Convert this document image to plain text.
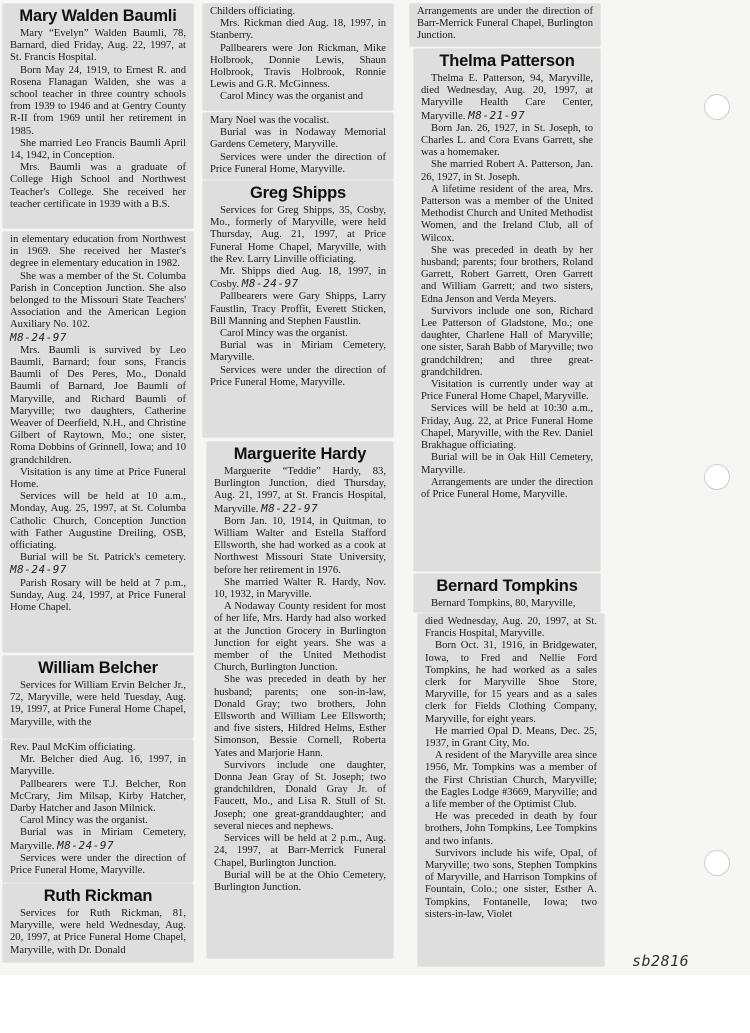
Mary Walden Baumli

Mary “Evelyn” Walden Baumli, 78, Barnard, died Friday, Aug. 22, 1997, at St. Francis Hospital.

Born May 24, 1919, to Ernest R. and Rosena Flanagan Walden, she was a school teacher in three country schools from 1939 to 1946 and at Gentry County R-II from 1969 until her retirement in 1985.

She married Leo Francis Baumli April 14, 1942, in Conception.

Mrs. Baumli was a graduate of College High School and Northwest Teacher's College. She received her teacher certificate in 1939 with a B.S.

in elementary education from Northwest in 1969. She received her Master's degree in elementary education in 1982.

She was a member of the St. Columba Parish in Conception Junction. She also belonged to the Missouri State Teachers' Association and the American Legion Auxiliary No. 102.

M8-24-97

Mrs. Baumli is survived by Leo Baumli, Barnard; four sons, Francis Baumli of Des Peres, Mo., Donald Baumli of Barnard, Joe Baumli of Maryville, and Richard Baumli of Maryville; two daughters, Catherine Weaver of Deerfield, N.H., and Christine Gilbert of Raytown, Mo.; one sister, Roma Dobbins of Grinnell, Iowa; and 10 grandchildren.

Visitation is any time at Price Funeral Home.

Services will be held at 10 a.m., Monday, Aug. 25, 1997, at St. Columba Catholic Church, Conception Junction with Father Augustine Dreiling, OSB, officiating.

Burial will be St. Patrick's cemetery. M8-24-97

Parish Rosary will be held at 7 p.m., Sunday, Aug. 24, 1997, at Price Funeral Home Chapel.

William Belcher

Services for William Ervin Belcher Jr., 72, Maryville, were held Tuesday, Aug. 19, 1997, at Price Funeral Home Chapel, Maryville, with the

Rev. Paul McKim officiating.

Mr. Belcher died Aug. 16, 1997, in Maryville.

Pallbearers were T.J. Belcher, Ron McCrary, Jim Milsap, Kirby Hatcher, Darby Hatcher and Jason Milnick.

Carol Mincy was the organist.

Burial was in Miriam Cemetery, Maryville. M8-24-97

Services were under the direction of Price Funeral Home, Maryville.

Ruth Rickman

Services for Ruth Rickman, 81, Maryville, were held Wednesday, Aug. 20, 1997, at Price Funeral Home Chapel, Maryville, with Dr. Donald

Childers officiating.

Mrs. Rickman died Aug. 18, 1997, in Stanberry.

Pallbearers were Jon Rickman, Mike Holbrook, Donnie Lewis, Shaun Holbrook, Travis Holbrook, Ronnie Lewis and G.R. McGinness.

Carol Mincy was the organist and

Mary Noel was the vocalist.

Burial was in Nodaway Memorial Gardens Cemetery, Maryville.

Services were under the direction of Price Funeral Home, Maryville.

Greg Shipps

Services for Greg Shipps, 35, Cosby, Mo., formerly of Maryville, were held Thursday, Aug. 21, 1997, at Price Funeral Home Chapel, Maryville, with the Rev. Larry Linville officiating.

Mr. Shipps died Aug. 18, 1997, in Cosby. M8-24-97

Pallbearers were Gary Shipps, Larry Faustlin, Tracy Proffit, Everett Sticken, Bill Manning and Stephen Faustlin.

Carol Mincy was the organist.

Burial was in Miriam Cemetery, Maryville.

Services were under the direction of Price Funeral Home, Maryville.

Marguerite Hardy

Marguerite “Teddie” Hardy, 83, Burlington Junction, died Thursday, Aug. 21, 1997, at St. Francis Hospital, Maryville. M8-22-97

Born Jan. 10, 1914, in Quitman, to William Walter and Estella Stafford Ellsworth, she had worked as a cook at Northwest Missouri State University, before her retirement in 1976.

She married Walter R. Hardy, Nov. 10, 1932, in Maryville.

A Nodaway County resident for most of her life, Mrs. Hardy had also worked at the Junction Grocery in Burlington Junction for eight years. She was a member of the United Methodist Church, Burlington Junction.

She was preceded in death by her husband; parents; one son-in-law, Donald Gray; two brothers, John Ellsworth and William Lee Ellsworth; and five sisters, Hildred Helms, Esther Simonson, Bessie Cornell, Roberta Yates and Marjorie Hann.

Survivors include one daughter, Donna Jean Gray of St. Joseph; two grandchildren, Donald Gray Jr. of Faucett, Mo., and Lisa R. Stull of St. Joseph; one great-granddaughter; and several nieces and nephews.

Services will be held at 2 p.m., Aug. 24, 1997, at Barr-Merrick Funeral Chapel, Burlington Junction.

Burial will be at the Ohio Cemetery, Burlington Junction.

Arrangements are under the direction of Barr-Merrick Funeral Chapel, Burlington Junction.

Thelma Patterson

Thelma E. Patterson, 94, Maryville, died Wednesday, Aug. 20, 1997, at Maryville Health Care Center, Maryville. M8-21-97

Born Jan. 26, 1927, in St. Joseph, to Charles L. and Cora Evans Garrett, she was a homemaker.

She married Robert A. Patterson, Jan. 26, 1927, in St. Joseph.

A lifetime resident of the area, Mrs. Patterson was a member of the United Methodist Church and United Methodist Women, and the Ireland Club, all of Wilcox.

She was preceded in death by her husband; parents; four brothers, Roland Garrett, Robert Garrett, Oren Garrett and William Garrett; and two sisters, Edna Jenson and Verda Meyers.

Survivors include one son, Richard Lee Patterson of Gladstone, Mo.; one daughter, Charlene Hall of Maryville; one sister, Sarah Babb of Maryville; two grandchildren; and three great-grandchildren.

Visitation is currently under way at Price Funeral Home Chapel, Maryville.

Services will be held at 10:30 a.m., Friday, Aug. 22, at Price Funeral Home Chapel, Maryville, with the Rev. Daniel Brakhague officiating.

Burial will be in Oak Hill Cemetery, Maryville.

Arrangements are under the direction of Price Funeral Home, Maryville.

Bernard Tompkins

Bernard Tompkins, 80, Maryville,

died Wednesday, Aug. 20, 1997, at St. Francis Hospital, Maryville.

Born Oct. 31, 1916, in Bridgewater, Iowa, to Fred and Nellie Ford Tompkins, he had worked as a sales clerk for Maryville Shoe Store, Maryville, for 15 years and as a sales clerk for Fields Clothing Company, Maryville, for eight years.

He married Opal D. Means, Dec. 25, 1937, in Grant City, Mo.

A resident of the Maryville area since 1956, Mr. Tompkins was a member of the First Christian Church, Maryville; the Eagles Lodge #3669, Maryville; and a life member of the Optimist Club.

He was preceded in death by four brothers, John Tompkins, Lee Tompkins and two infants.

Survivors include his wife, Opal, of Maryville; two sons, Stephen Tompkins of Maryville, and Harrison Tompkins of Fountain, Colo.; one sister, Esther A. Tompkins, Fontanelle, Iowa; two sisters-in-law, Violet

sb2816
